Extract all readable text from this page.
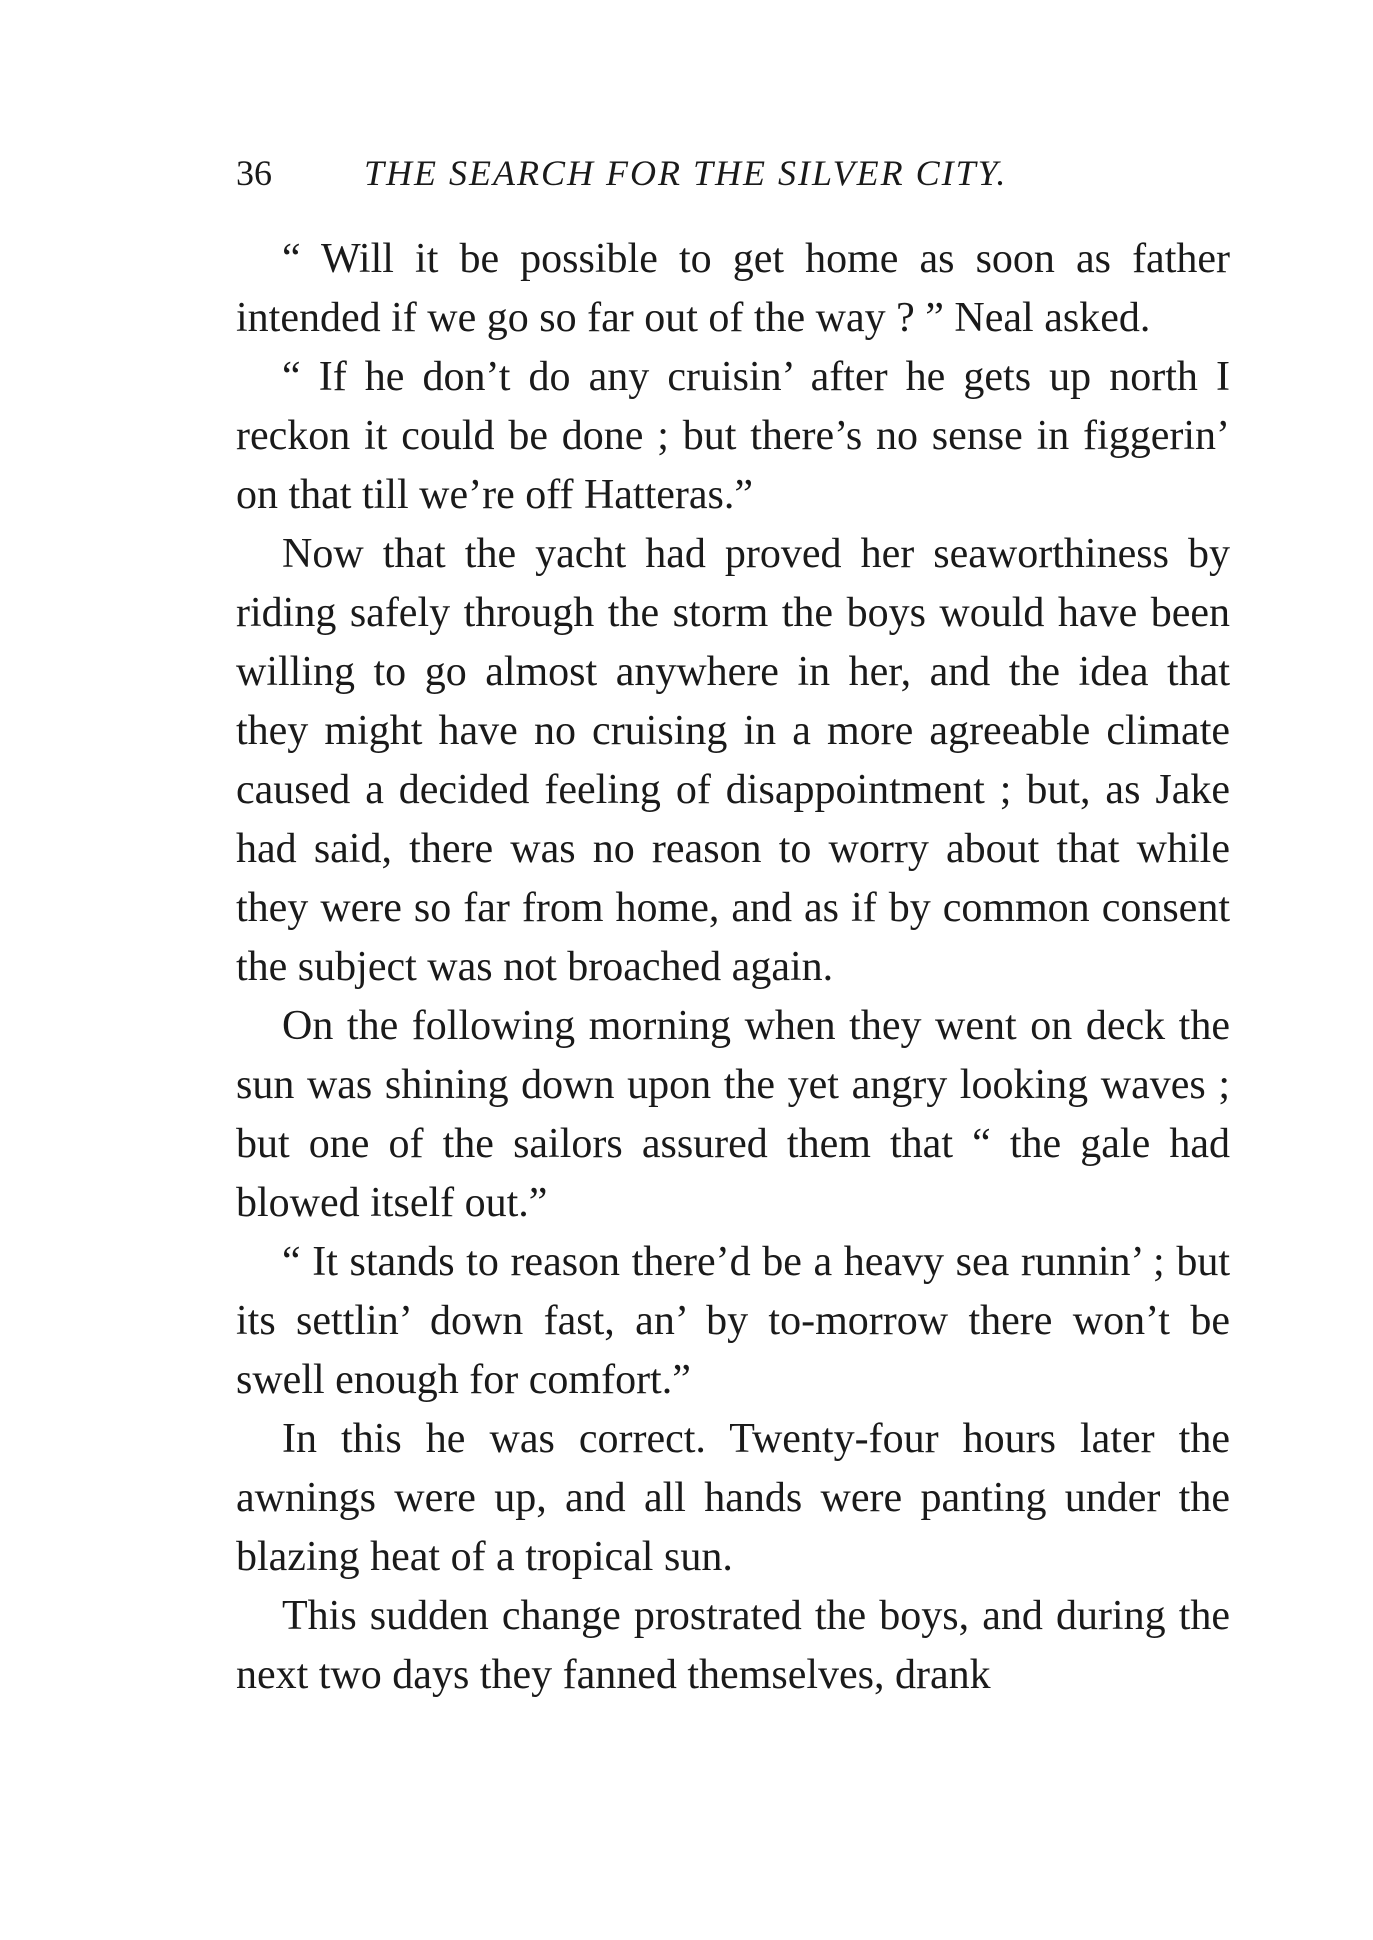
36	THE SEARCH FOR THE SILVER CITY.

“ Will it be possible to get home as soon as father intended if we go so far out of the way ? ” Neal asked.

“ If he don’t do any cruisin’ after he gets up north I reckon it could be done ; but there’s no sense in figgerin’ on that till we’re off Hatteras.”

Now that the yacht had proved her seaworthiness by riding safely through the storm the boys would have been willing to go almost anywhere in her, and the idea that they might have no cruising in a more agreeable climate caused a decided feeling of disappointment ; but, as Jake had said, there was no reason to worry about that while they were so far from home, and as if by common consent the subject was not broached again.

On the following morning when they went on deck the sun was shining down upon the yet angry looking waves ; but one of the sailors assured them that “ the gale had blowed itself out.”

“ It stands to reason there’d be a heavy sea runnin’ ; but its settlin’ down fast, an’ by to-morrow there won’t be swell enough for comfort.”

In this he was correct. Twenty-four hours later the awnings were up, and all hands were panting under the blazing heat of a tropical sun.

This sudden change prostrated the boys, and during the next two days they fanned themselves, drank
